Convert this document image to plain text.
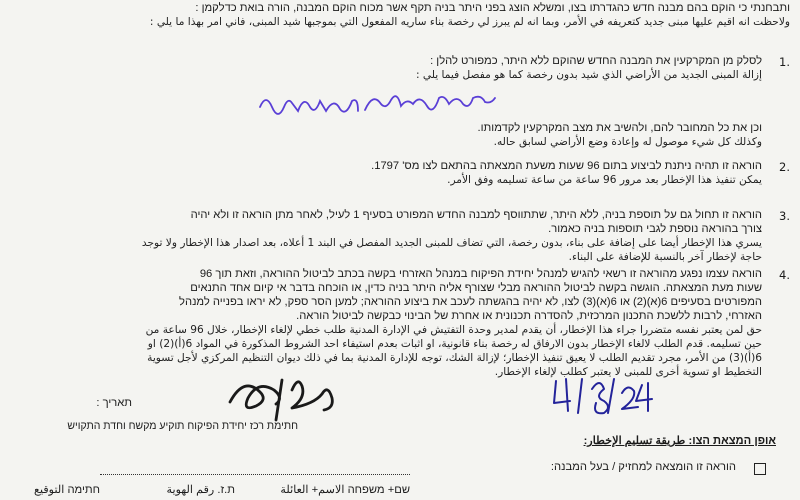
ותבחנתי כי הוקם בהם מבנה חדש כהגדרתו בצו, ומשלא הוצג בפני היתר בניה תקף אשר מכוח הוקם המבנה, הורה בואת כדלקמן :
ولاحظت انه اقيم عليها مبنى جديد كتعريفه في الأمر، وبما انه لم يبرز لي رخصة بناء ساريه المفعول التي بموجبها شيد المبنى، فاني امر بهذا ما يلي :
1.
לסלק מן המקרקעין את המבנה החדש שהוקם ללא היתר, כמפורט להלן :
إزالة المبنى الجديد من الأراضي الذي شيد بدون رخصة كما هو مفصل فيما يلي :
וכן את כל המחובר להם, ולהשיב את מצב המקרקעין לקדמותו.
وكذلك كل شيء موصول له وإعادة وضع الأراضي لسابق حاله.
2.
הוראה זו תהיה ניתנת לביצוע בתום 96 שעות משעת המצאתה בהתאם לצו מס' 1797.
يمكن تنفيذ هذا الإخطار بعد مرور 96 ساعة من ساعة تسليمه وفق الأمر.
3.
הוראה זו תחול גם על תוספת בניה, ללא היתר, שתתווסף למבנה החדש המפורט בסעיף 1 לעיל, לאחר מתן הוראה זו ולא יהיה
צורך בהוראה נוספת לגבי תוספות בניה כאמור.
يسري هذا الإخطار أيضا على إضافة على بناء، بدون رخصة، التي تضاف للمبنى الجديد المفصل في البند 1 أعلاه، بعد اصدار هذا الإخطار ولا توجد
حاجة لإخطار آخر بالنسبة للإضافة على البناء.
4.
הוראה עצמו נפגע מהוראה זו רשאי להגיש למנהל יחידת הפיקוח במנהל האזרחי בקשה בכתב לביטול ההוראה, וזאת תוך 96
שעות מעת המצאתה. הוגשה בקשה לביטול ההוראה מבלי שצורף אליה היתר בניה כדין, או הוכחה בדבר אי קיום אחד התנאים
המפורטים בסעיפים 6(א)(2) או 6(א)(3) לצו, לא יהיה בהגשתה לעכב את ביצוע ההוראה; למען הסר ספק, לא יראו בפנייה למנהל
האזרחי, לרבות ללשכת התכנון המרכזית, להסדרה תכנונית או אחרת של הבינוי כבקשה לביטול הוראה.
حق لمن يعتبر نفسه متضررا جراء هذا الإخطار، أن يقدم لمدير وحدة التفتيش في الإدارة المدنية طلب خطي لإلغاء الإخطار، خلال 96 ساعة من
حين تسليمه. قدم الطلب لالغاء الإخطار بدون الارفاق له رخصة بناء قانونية، او اثبات بعدم استيفاء احد الشروط المذكورة في المواد 6(أ)(2) او
6(أ)(3) من الأمر، مجرد تقديم الطلب لا يعيق تنفيذ الإخطار؛ لإزالة الشك، توجه للإدارة المدنية بما في ذلك ديوان التنظيم المركزي لأجل تسوية
التخطيط او تسوية أخرى للمبنى لا يعتبر كطلب لإلغاء الإخطار.
תאריך :
חתימת רכז יחידת הפיקוח תוקיע מקשח וחדת התקויש
אופן המצאת הצו: طريقة تسليم الإخطار:
הוראה זו הומצאה למחזיק / בעל המבנה:
שם+ משפחה الاسم+ العائلة
ת.ז. رقم الهوية
חתימה التوقيع
